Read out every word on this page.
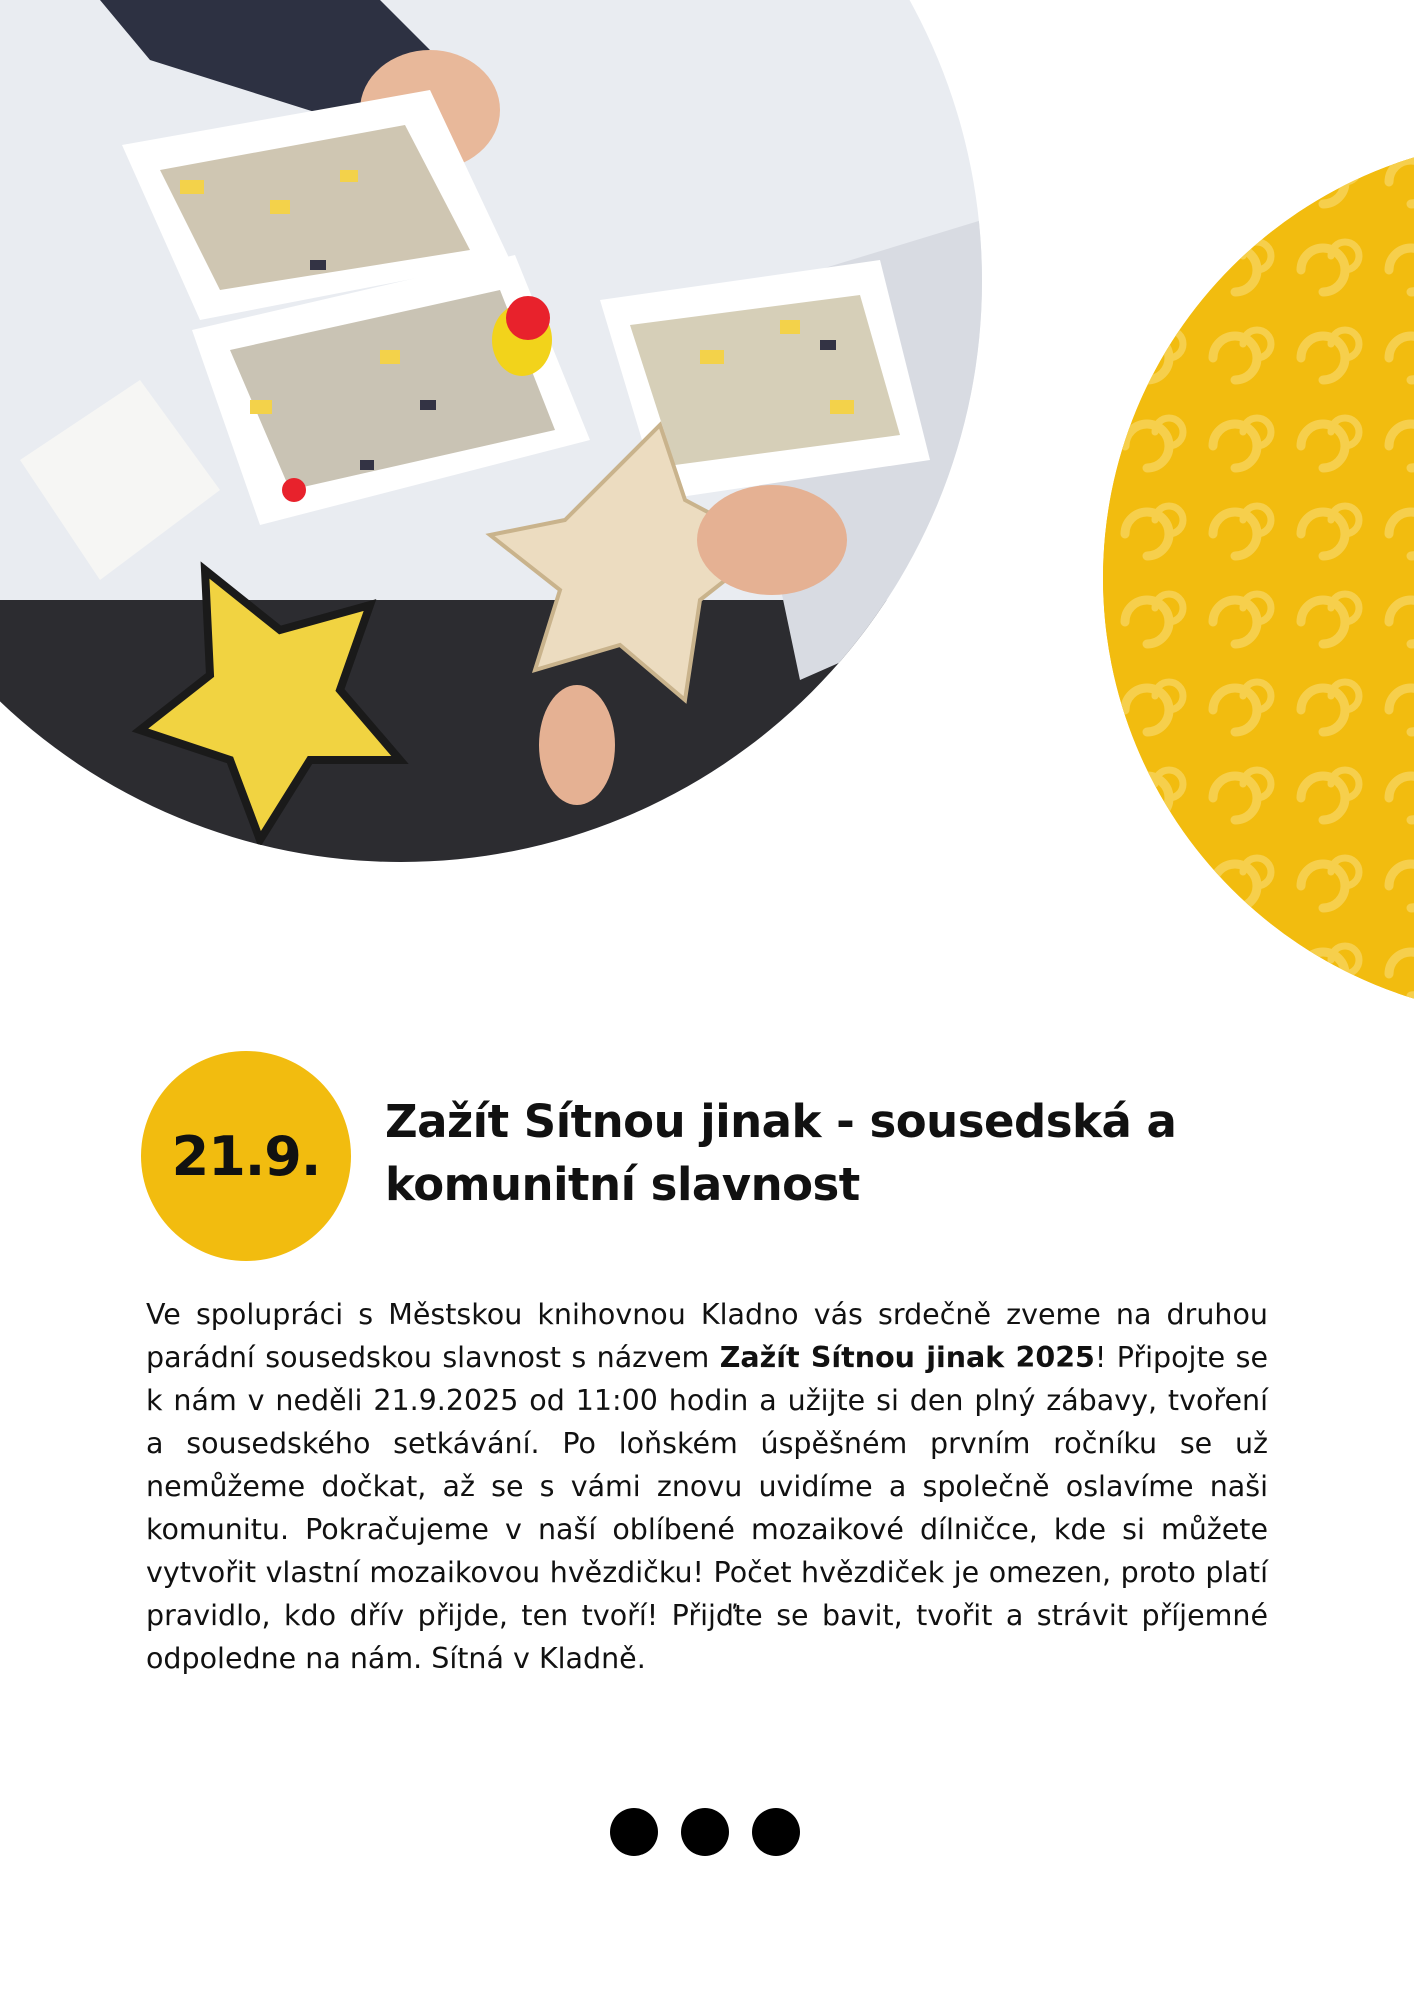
21.9.
Zažít Sítnou jinak - sousedská a
komunitní slavnost

Ve spolupráci s Městskou knihovnou Kladno vás srdečně zveme na druhou parádní sousedskou slavnost s názvem Zažít Sítnou jinak 2025! Připojte se k nám v neděli 21.9.2025 od 11:00 hodin a užijte si den plný zábavy, tvoření a sousedského setkávání. Po loňském úspěšném prvním ročníku se už nemůžeme dočkat, až se s vámi znovu uvidíme a společně oslavíme naši komunitu. Pokračujeme v naší oblíbené mozaikové dílničce, kde si můžete vytvořit vlastní mozaikovou hvězdičku! Počet hvězdiček je omezen, proto platí pravidlo, kdo dřív přijde, ten tvoří! Přijďte se bavit, tvořit a strávit příjemné odpoledne na nám. Sítná v Kladně.
